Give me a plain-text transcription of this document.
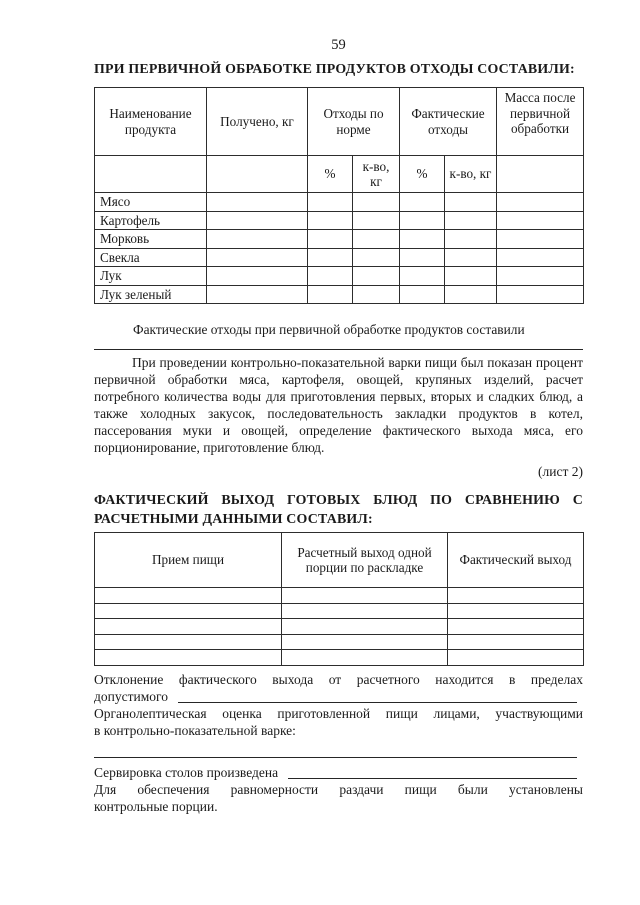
59
ПРИ ПЕРВИЧНОЙ ОБРАБОТКЕ ПРОДУКТОВ ОТХОДЫ СОСТАВИЛИ:
Наименование продукта	Получено, кг	Отходы по норме		Фактические отходы		Масса после первичной обработки
		%	к-во, кг	%	к-во, кг	
Мясо						
Картофель						
Морковь						
Свекла						
Лук						
Лук зеленый						
Фактические отходы при первичной обработке продуктов составили

При проведении контрольно-показательной варки пищи был показан процент первичной обработки мяса, картофеля, овощей, крупяных изделий, расчет потребного количества воды для приготовления первых, вторых и сладких блюд, а также холодных закусок, последовательность закладки продуктов в котел, пассерования муки и овощей, определение фактического выхода мяса, его порционирование, приготовление блюд.

(лист 2)
ФАКТИЧЕСКИЙ ВЫХОД ГОТОВЫХ БЛЮД ПО СРАВНЕНИЮ С РАСЧЕТНЫМИ ДАННЫМИ СОСТАВИЛ:
Прием пищи	Расчетный выход одной порции по раскладке	Фактический выход

Отклонение фактического выхода от расчетного находится в пределах
допустимого
Органолептическая оценка приготовленной пищи лицами, участвующими
в контрольно-показательной варке:
Сервировка столов произведена
Для обеспечения равномерности раздачи пищи были установлены
контрольные порции.
